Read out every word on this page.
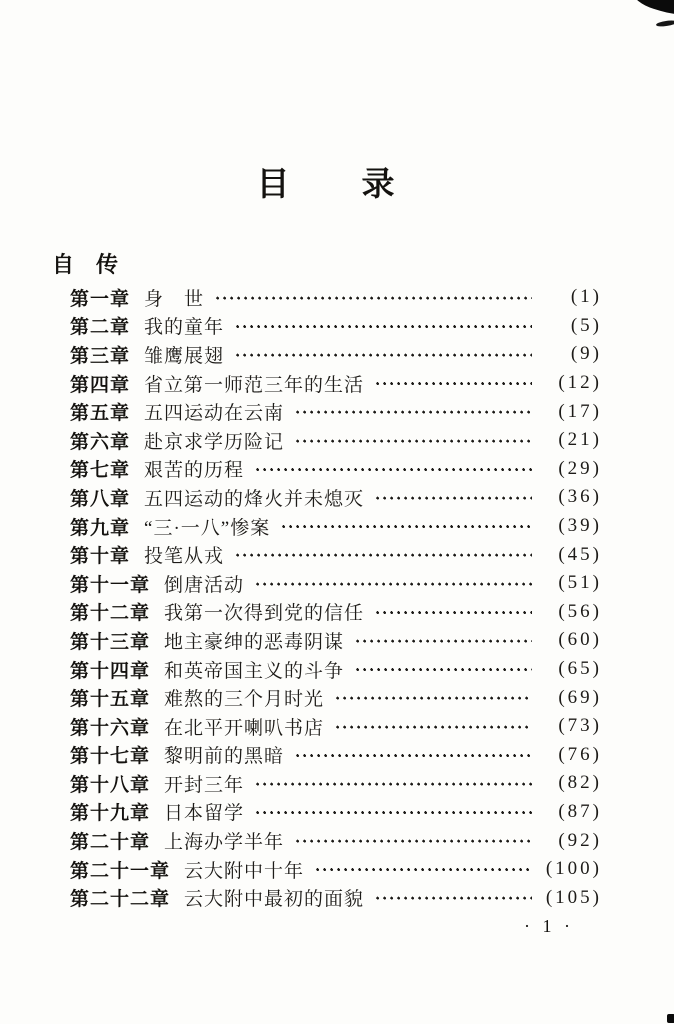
目　　录
自　传
第一章 身　世	(1)
第二章 我的童年	(5)
第三章 雏鹰展翅	(9)
第四章 省立第一师范三年的生活	(12)
第五章 五四运动在云南	(17)
第六章 赴京求学历险记	(21)
第七章 艰苦的历程	(29)
第八章 五四运动的烽火并未熄灭	(36)
第九章 “三·一八”惨案	(39)
第十章 投笔从戎	(45)
第十一章 倒唐活动	(51)
第十二章 我第一次得到党的信任	(56)
第十三章 地主豪绅的恶毒阴谋	(60)
第十四章 和英帝国主义的斗争	(65)
第十五章 难熬的三个月时光	(69)
第十六章 在北平开喇叭书店	(73)
第十七章 黎明前的黑暗	(76)
第十八章 开封三年	(82)
第十九章 日本留学	(87)
第二十章 上海办学半年	(92)
第二十一章 云大附中十年	(100)
第二十二章 云大附中最初的面貌	(105)
· 1 ·
